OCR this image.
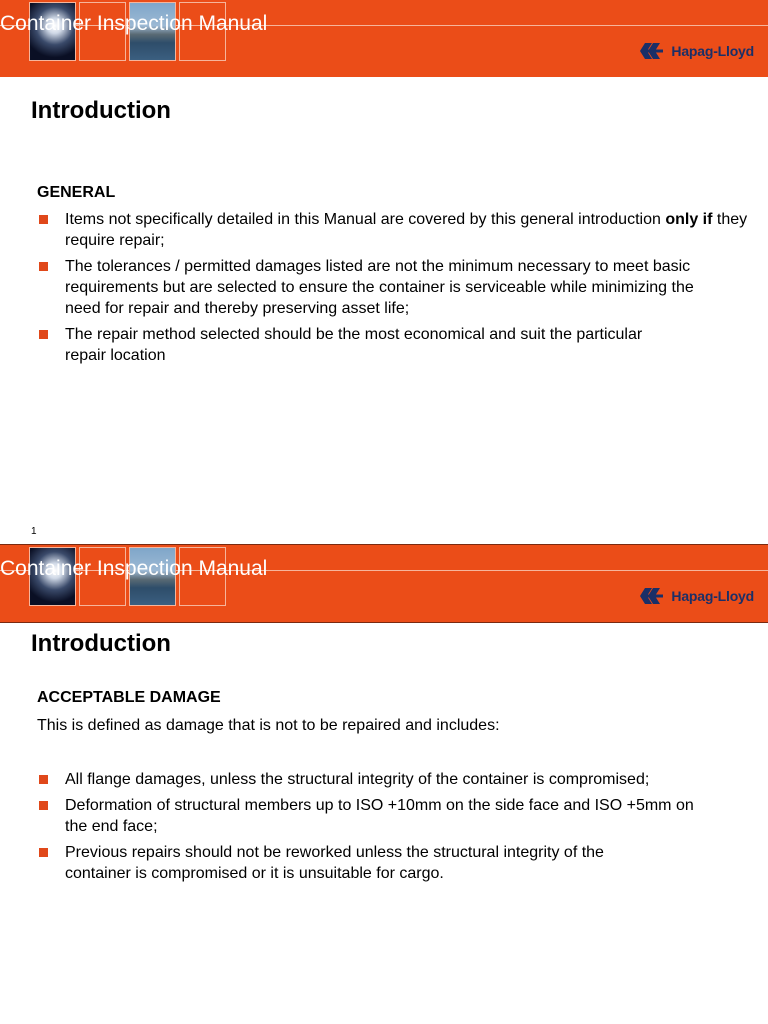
Container Inspection Manual
Hapag-Lloyd
Introduction
GENERAL
Items not specifically detailed in this Manual are covered by this general introduction only if they require repair;
The tolerances / permitted damages listed are not the minimum necessary to meet basic requirements but are selected to ensure the container is serviceable while minimizing the need for repair and thereby preserving asset life;
The repair method selected should be the most economical and suit the particular repair location
1
Container Inspection Manual
Hapag-Lloyd
Introduction
ACCEPTABLE DAMAGE
This is defined as damage that is not to be repaired and includes:
All flange damages, unless the structural integrity of the container is compromised;
Deformation of structural members up to ISO +10mm on the side face and ISO +5mm on the end face;
Previous repairs should not be reworked unless the structural integrity of the container is compromised or it is unsuitable for cargo.
